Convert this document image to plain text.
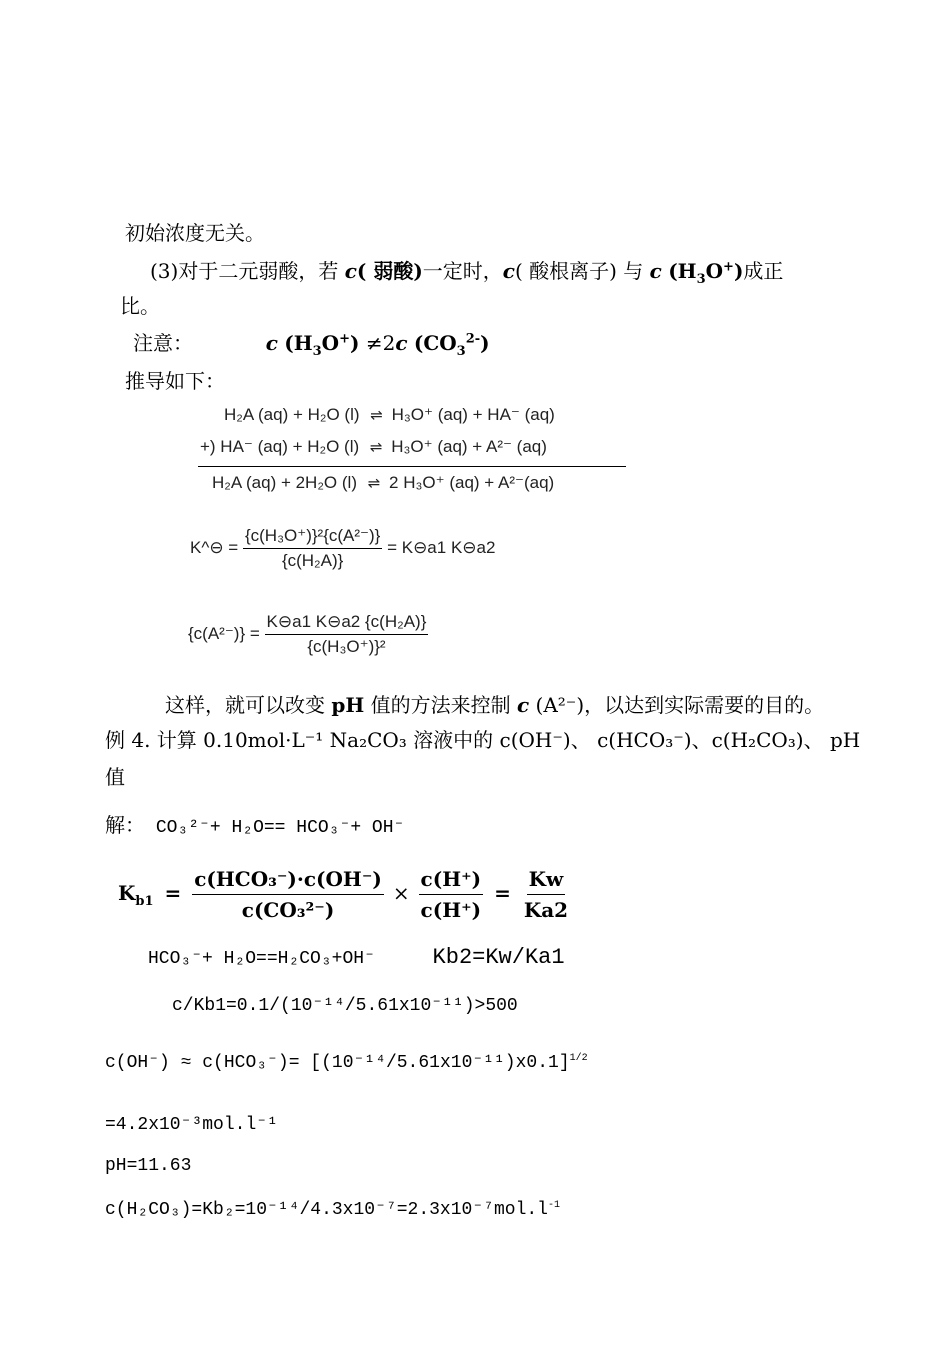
初始浓度无关。
(3)对于二元弱酸，若 c( 弱酸)一定时，c( 酸根离子) 与 c $(H_3O^+)$成正
比。
注意：	c $(H_3O^+) \ne 2c$ $(CO_3^{2-})$
推导如下：
H₂A (aq) + H₂O (l) ⇌ H₃O⁺ (aq) + HA⁻ (aq)
+) HA⁻ (aq) + H₂O (l) ⇌ H₃O⁺ (aq) + A²⁻ (aq)
H₂A (aq) + 2H₂O (l) ⇌ 2 H₃O⁺ (aq) + A²⁻(aq)
K^⊖ = $\frac{\text{\{c(H₃O⁺)\}²\{c(A²⁻)\}}}{\text{\{c(H₂A)\}}}$ = K⊖a1 K⊖a2
$\{c(A^{2-})\} = \frac{\text{K⊖a1 K⊖a2 \{c(H₂A)\}}}{\text{\{c(H₃O⁺)\}²}}$
这样，就可以改变 pH 值的方法来控制 c (A²⁻)，以达到实际需要的目的。
例 4. 计算 0.10mol·L⁻¹ Na₂CO₃ 溶液中的 c(OH⁻)、 c(HCO₃⁻)、c(H₂CO₃)、 pH
值
解： CO₃²⁻+ H₂O== HCO₃⁻+ OH⁻
$K_{b1} = \frac{\text{c(HCO₃⁻)·c(OH⁻)}}{\text{c(CO₃²⁻)}} \times \frac{c(H^+)}{c(H^+)} = \frac{Kw}{Ka2}$
HCO₃⁻+ H₂O==H₂CO₃+OH⁻	Kb2=Kw/Ka1
c/Kb1=0.1/(10⁻¹⁴/5.61x10⁻¹¹)>500
$c(OH^-) \approx c(HCO_3^-)= [(10^{-14}/5.61x10^{-11})x0.1]^{1/2}$
=4.2x10⁻³mol.l⁻¹
pH=11.63
$c(H_2CO_3)=Kb_2=10^{-14}/4.3x10^{-7}=2.3x10^{-7}mol.l^{-1}$
